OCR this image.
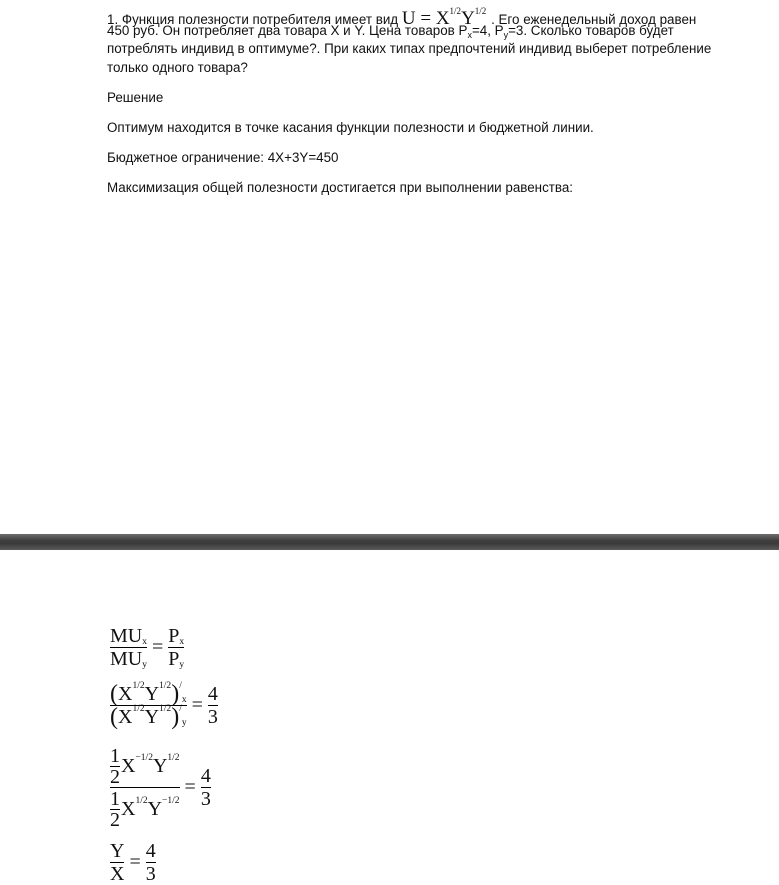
1. Функция полезности потребителя имеет вид $U = X^{1/2}Y^{1/2}$ . Его еженедельный доход равен

450 руб. Он потребляет два товара X и Y. Цена товаров $P_x=4$, $P_y=3$. Сколько товаров будет

потреблять индивид в оптимуме?. При каких типах предпочтений индивид выберет потребление

только одного товара?

Решение

Оптимум находится в точке касания функции полезности и бюджетной линии.

Бюджетное ограничение: 4X+3Y=450

Максимизация общей полезности достигается при выполнении равенства:

$\frac{\text{MU x}}{\text{MU y}} = \frac{\text{P x}}{\text{P y}}$
( X 1/2 Y 1/2 ) /
x
( X 1/2 Y 1/2 ) /
$y = \frac{4}{3}$
1
2 X −1/2 Y 1/2
1
2 X 1/2 $Y -1/2 = \frac{4}{3}$
$\frac{Y}{X} = \frac{4}{3}$
